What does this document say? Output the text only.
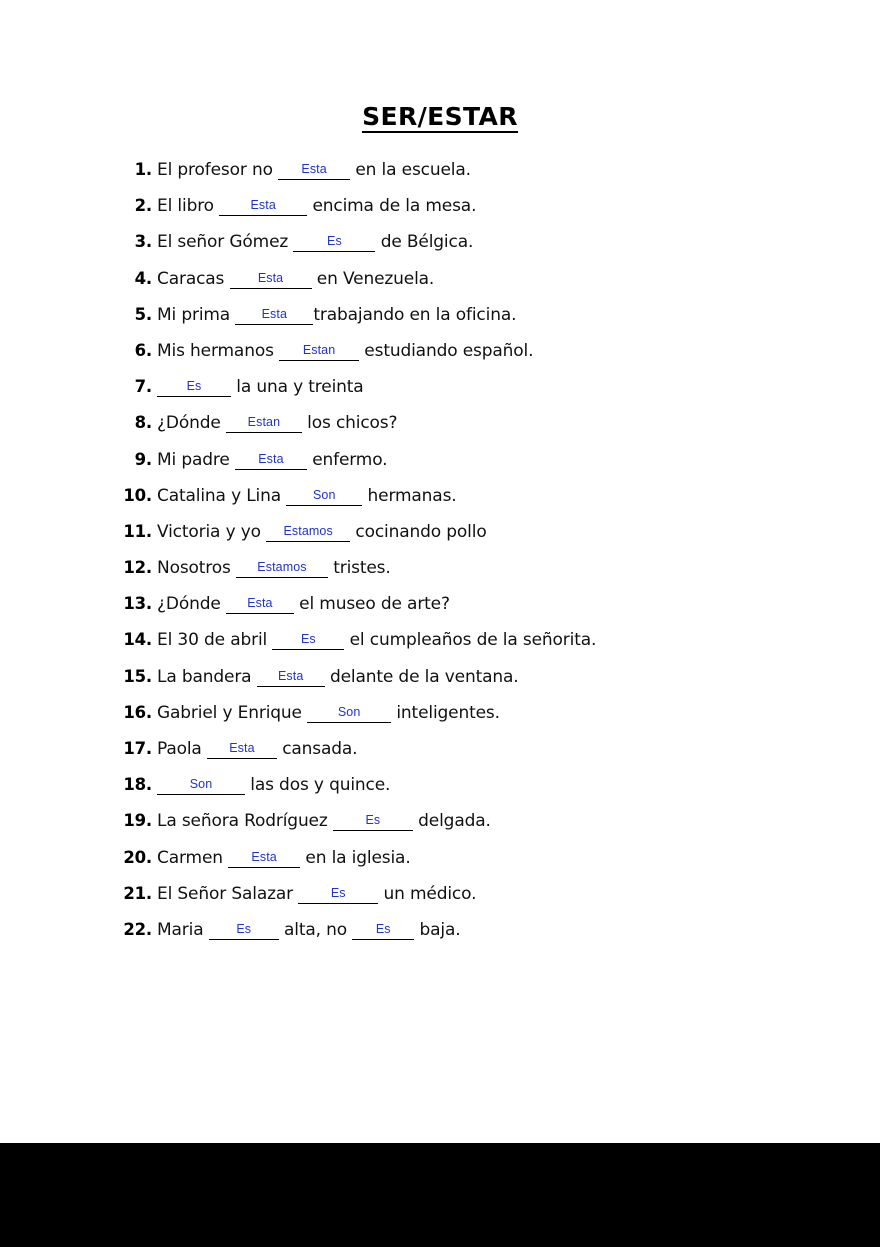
SER/ESTAR
1. El profesor no Esta en la escuela.
2. El libro	Esta encima de la mesa.
3. El señor Gómez	Es de Bélgica.
4. Caracas Esta en Venezuela.
5. Mi prima Esta trabajando en la oficina.
6. Mis hermanos Estan estudiando español.
7.	Es la una y treinta
8. ¿Dónde Estan los chicos?
9. Mi padre Esta enfermo.
10. Catalina y Lina Son hermanas.
11. Victoria y yo Estamos cocinando pollo
12. Nosotros Estamos tristes.
13. ¿Dónde Esta el museo de arte?
14. El 30 de abril Es el cumpleaños de la señorita.
15. La bandera Esta delante de la ventana.
16. Gabriel y Enrique Son inteligentes.
17. Paola Esta cansada.
18.	Son las dos y quince.
19. La señora Rodríguez	Es delgada.
20. Carmen Esta en la iglesia.
21. El Señor Salazar	Es un médico.
22. Maria Es alta, no Es baja.
